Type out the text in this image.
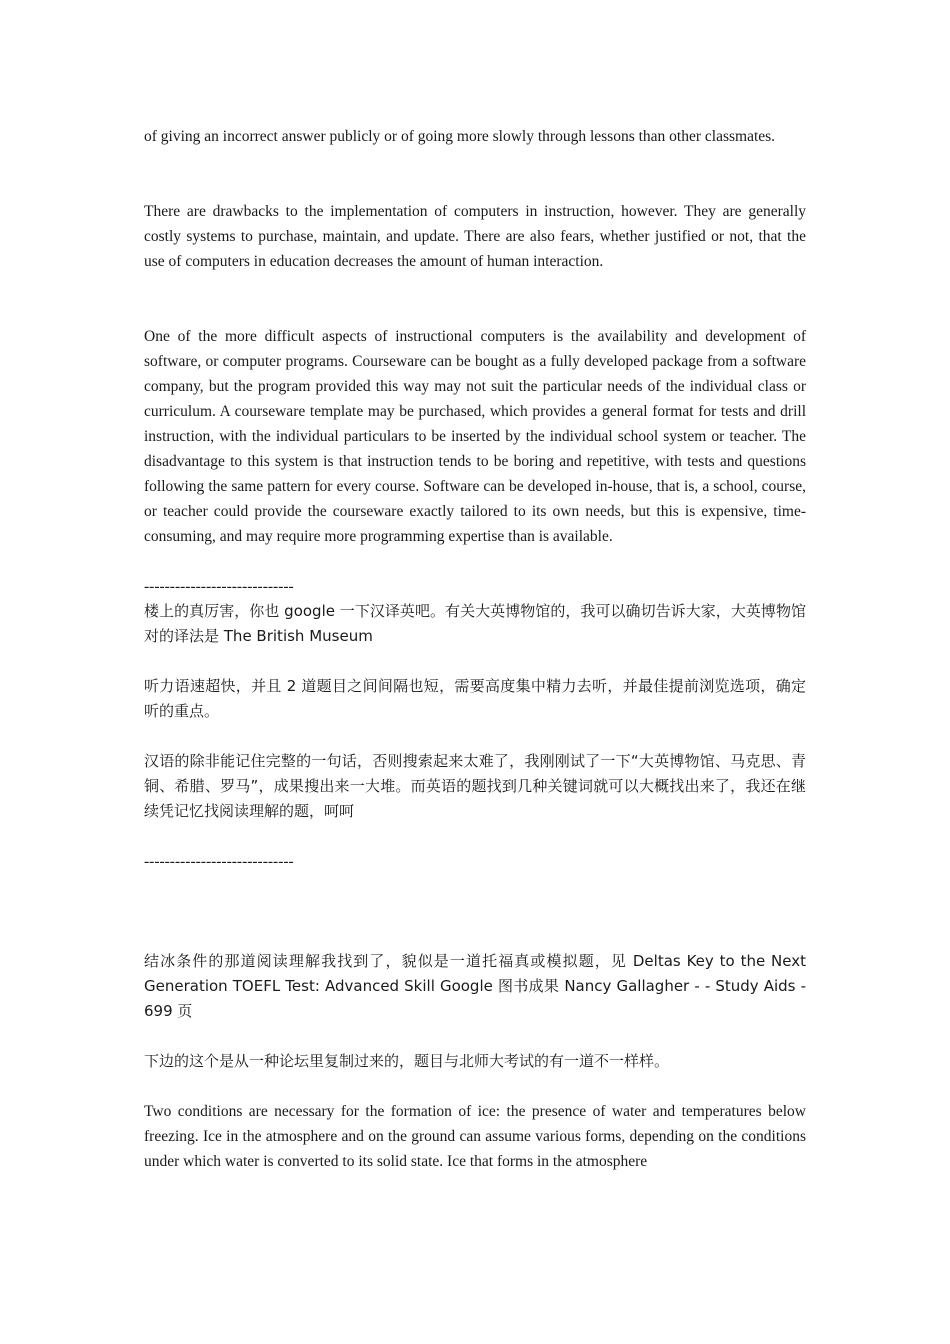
of giving an incorrect answer publicly or of going more slowly through lessons than other classmates.

There are drawbacks to the implementation of computers in instruction, however. They are generally costly systems to purchase, maintain, and update. There are also fears, whether justified or not, that the use of computers in education decreases the amount of human interaction.

One of the more difficult aspects of instructional computers is the availability and development of software, or computer programs. Courseware can be bought as a fully developed package from a software company, but the program provided this way may not suit the particular needs of the individual class or curriculum. A courseware template may be purchased, which provides a general format for tests and drill instruction, with the individual particulars to be inserted by the individual school system or teacher. The disadvantage to this system is that instruction tends to be boring and repetitive, with tests and questions following the same pattern for every course. Software can be developed in-house, that is, a school, course, or teacher could provide the courseware exactly tailored to its own needs, but this is expensive, time-consuming, and may require more programming expertise than is available.

-----------------------------

楼上的真厉害，你也 google 一下汉译英吧。有关大英博物馆的，我可以确切告诉大家，大英博物馆对的译法是 The British Museum

听力语速超快，并且 2 道题目之间间隔也短，需要高度集中精力去听，并最佳提前浏览选项，确定听的重点。

汉语的除非能记住完整的一句话，否则搜索起来太难了，我刚刚试了一下“大英博物馆、马克思、青铜、希腊、罗马”，成果搜出来一大堆。而英语的题找到几种关键词就可以大概找出来了，我还在继续凭记忆找阅读理解的题，呵呵

-----------------------------

结冰条件的那道阅读理解我找到了，貌似是一道托福真或模拟题，见 Deltas Key to the Next Generation TOEFL Test: Advanced Skill Google 图书成果 Nancy Gallagher - - Study Aids - 699 页

下边的这个是从一种论坛里复制过来的，题目与北师大考试的有一道不一样样。

Two conditions are necessary for the formation of ice: the presence of water and temperatures below freezing. Ice in the atmosphere and on the ground can assume various forms, depending on the conditions under which water is converted to its solid state. Ice that forms in the atmosphere
